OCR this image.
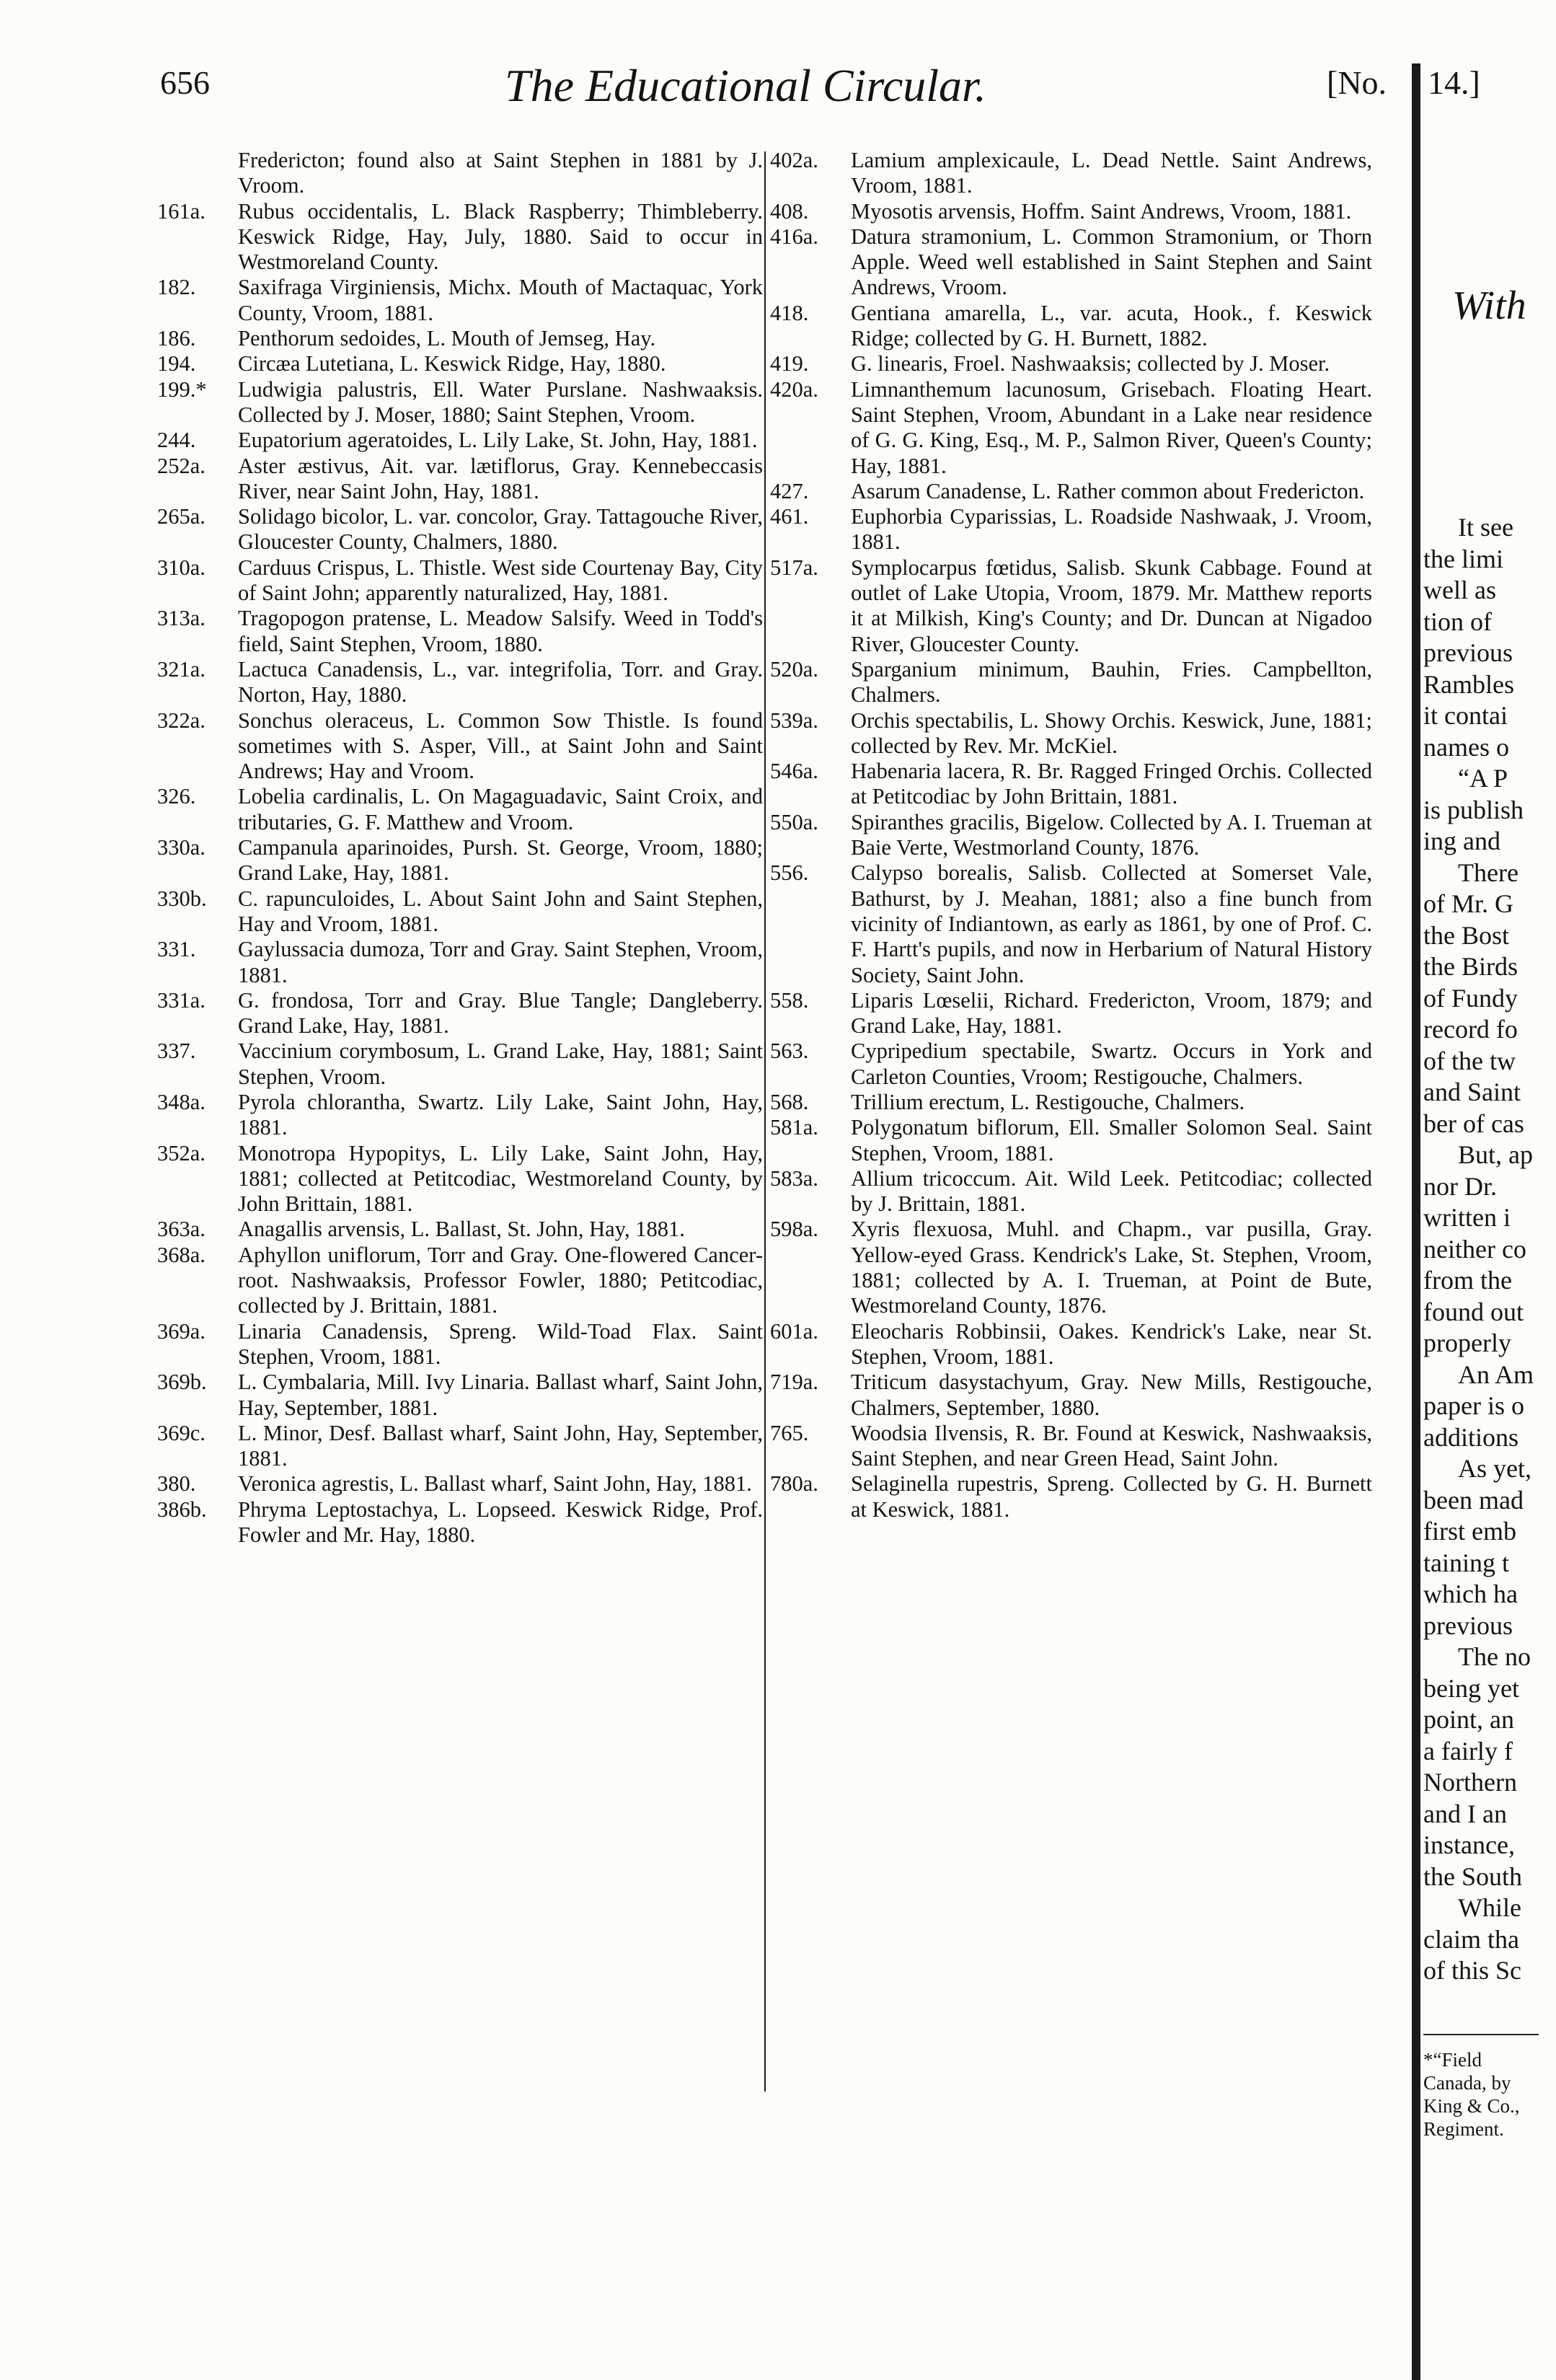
656	The Educational Circular.	[No.
Fredericton; found also at Saint Stephen in 1881 by J. Vroom.
161a.	Rubus occidentalis, L. Black Raspberry; Thimbleberry. Keswick Ridge, Hay, July, 1880. Said to occur in Westmoreland County.
182.	Saxifraga Virginiensis, Michx. Mouth of Mactaquac, York County, Vroom, 1881.
186.	Penthorum sedoides, L. Mouth of Jemseg, Hay.
194.	Circæa Lutetiana, L. Keswick Ridge, Hay, 1880.
199.*	Ludwigia palustris, Ell. Water Purslane. Nashwaaksis. Collected by J. Moser, 1880; Saint Stephen, Vroom.
244.	Eupatorium ageratoides, L. Lily Lake, St. John, Hay, 1881.
252a.	Aster æstivus, Ait. var. lætiflorus, Gray. Kennebeccasis River, near Saint John, Hay, 1881.
265a.	Solidago bicolor, L. var. concolor, Gray. Tattagouche River, Gloucester County, Chalmers, 1880.
310a.	Carduus Crispus, L. Thistle. West side Courtenay Bay, City of Saint John; apparently naturalized, Hay, 1881.
313a.	Tragopogon pratense, L. Meadow Salsify. Weed in Todd's field, Saint Stephen, Vroom, 1880.
321a.	Lactuca Canadensis, L., var. integrifolia, Torr. and Gray. Norton, Hay, 1880.
322a.	Sonchus oleraceus, L. Common Sow Thistle. Is found sometimes with S. Asper, Vill., at Saint John and Saint Andrews; Hay and Vroom.
326.	Lobelia cardinalis, L. On Magaguadavic, Saint Croix, and tributaries, G. F. Matthew and Vroom.
330a.	Campanula aparinoides, Pursh. St. George, Vroom, 1880; Grand Lake, Hay, 1881.
330b.	C. rapunculoides, L. About Saint John and Saint Stephen, Hay and Vroom, 1881.
331.	Gaylussacia dumoza, Torr and Gray. Saint Stephen, Vroom, 1881.
331a.	G. frondosa, Torr and Gray. Blue Tangle; Dangleberry. Grand Lake, Hay, 1881.
337.	Vaccinium corymbosum, L. Grand Lake, Hay, 1881; Saint Stephen, Vroom.
348a.	Pyrola chlorantha, Swartz. Lily Lake, Saint John, Hay, 1881.
352a.	Monotropa Hypopitys, L. Lily Lake, Saint John, Hay, 1881; collected at Petitcodiac, Westmoreland County, by John Brittain, 1881.
363a.	Anagallis arvensis, L. Ballast, St. John, Hay, 1881.
368a.	Aphyllon uniflorum, Torr and Gray. One-flowered Cancer-root. Nashwaaksis, Professor Fowler, 1880; Petitcodiac, collected by J. Brittain, 1881.
369a.	Linaria Canadensis, Spreng. Wild-Toad Flax. Saint Stephen, Vroom, 1881.
369b.	L. Cymbalaria, Mill. Ivy Linaria. Ballast wharf, Saint John, Hay, September, 1881.
369c.	L. Minor, Desf. Ballast wharf, Saint John, Hay, September, 1881.
380.	Veronica agrestis, L. Ballast wharf, Saint John, Hay, 1881.
386b.	Phryma Leptostachya, L. Lopseed. Keswick Ridge, Prof. Fowler and Mr. Hay, 1880.
402a.	Lamium amplexicaule, L. Dead Nettle. Saint Andrews, Vroom, 1881.
408.	Myosotis arvensis, Hoffm. Saint Andrews, Vroom, 1881.
416a.	Datura stramonium, L. Common Stramonium, or Thorn Apple. Weed well established in Saint Stephen and Saint Andrews, Vroom.
418.	Gentiana amarella, L., var. acuta, Hook., f. Keswick Ridge; collected by G. H. Burnett, 1882.
419.	G. linearis, Froel. Nashwaaksis; collected by J. Moser.
420a.	Limnanthemum lacunosum, Grisebach. Floating Heart. Saint Stephen, Vroom, Abundant in a Lake near residence of G. G. King, Esq., M. P., Salmon River, Queen's County; Hay, 1881.
427.	Asarum Canadense, L. Rather common about Fredericton.
461.	Euphorbia Cyparissias, L. Roadside Nashwaak, J. Vroom, 1881.
517a.	Symplocarpus fœtidus, Salisb. Skunk Cabbage. Found at outlet of Lake Utopia, Vroom, 1879. Mr. Matthew reports it at Milkish, King's County; and Dr. Duncan at Nigadoo River, Gloucester County.
520a.	Sparganium minimum, Bauhin, Fries. Campbellton, Chalmers.
539a.	Orchis spectabilis, L. Showy Orchis. Keswick, June, 1881; collected by Rev. Mr. McKiel.
546a.	Habenaria lacera, R. Br. Ragged Fringed Orchis. Collected at Petitcodiac by John Brittain, 1881.
550a.	Spiranthes gracilis, Bigelow. Collected by A. I. Trueman at Baie Verte, Westmorland County, 1876.
556.	Calypso borealis, Salisb. Collected at Somerset Vale, Bathurst, by J. Meahan, 1881; also a fine bunch from vicinity of Indiantown, as early as 1861, by one of Prof. C. F. Hartt's pupils, and now in Herbarium of Natural History Society, Saint John.
558.	Liparis Lœselii, Richard. Fredericton, Vroom, 1879; and Grand Lake, Hay, 1881.
563.	Cypripedium spectabile, Swartz. Occurs in York and Carleton Counties, Vroom; Restigouche, Chalmers.
568.	Trillium erectum, L. Restigouche, Chalmers.
581a.	Polygonatum biflorum, Ell. Smaller Solomon Seal. Saint Stephen, Vroom, 1881.
583a.	Allium tricoccum. Ait. Wild Leek. Petitcodiac; collected by J. Brittain, 1881.
598a.	Xyris flexuosa, Muhl. and Chapm., var pusilla, Gray. Yellow-eyed Grass. Kendrick's Lake, St. Stephen, Vroom, 1881; collected by A. I. Trueman, at Point de Bute, Westmoreland County, 1876.
601a.	Eleocharis Robbinsii, Oakes. Kendrick's Lake, near St. Stephen, Vroom, 1881.
719a.	Triticum dasystachyum, Gray. New Mills, Restigouche, Chalmers, September, 1880.
765.	Woodsia Ilvensis, R. Br. Found at Keswick, Nashwaaksis, Saint Stephen, and near Green Head, Saint John.
780a.	Selaginella rupestris, Spreng. Collected by G. H. Burnett at Keswick, 1881.
14.]
With
It see
the limi
well as
tion of
previous
Rambles
it contai
names o
“A P
is publish
ing and
There
of Mr. G
the Bost
the Birds
of Fundy
record fo
of the tw
and Saint
ber of cas
But, ap
nor Dr.
written i
neither co
from the
found out
properly
An Am
paper is o
additions
As yet,
been mad
first emb
taining t
which ha
previous
The no
being yet
point, an
a fairly f
Northern
and I an
instance,
the South
While
claim tha
of this Sc
*“Field
Canada, by
King & Co.,
Regiment.
